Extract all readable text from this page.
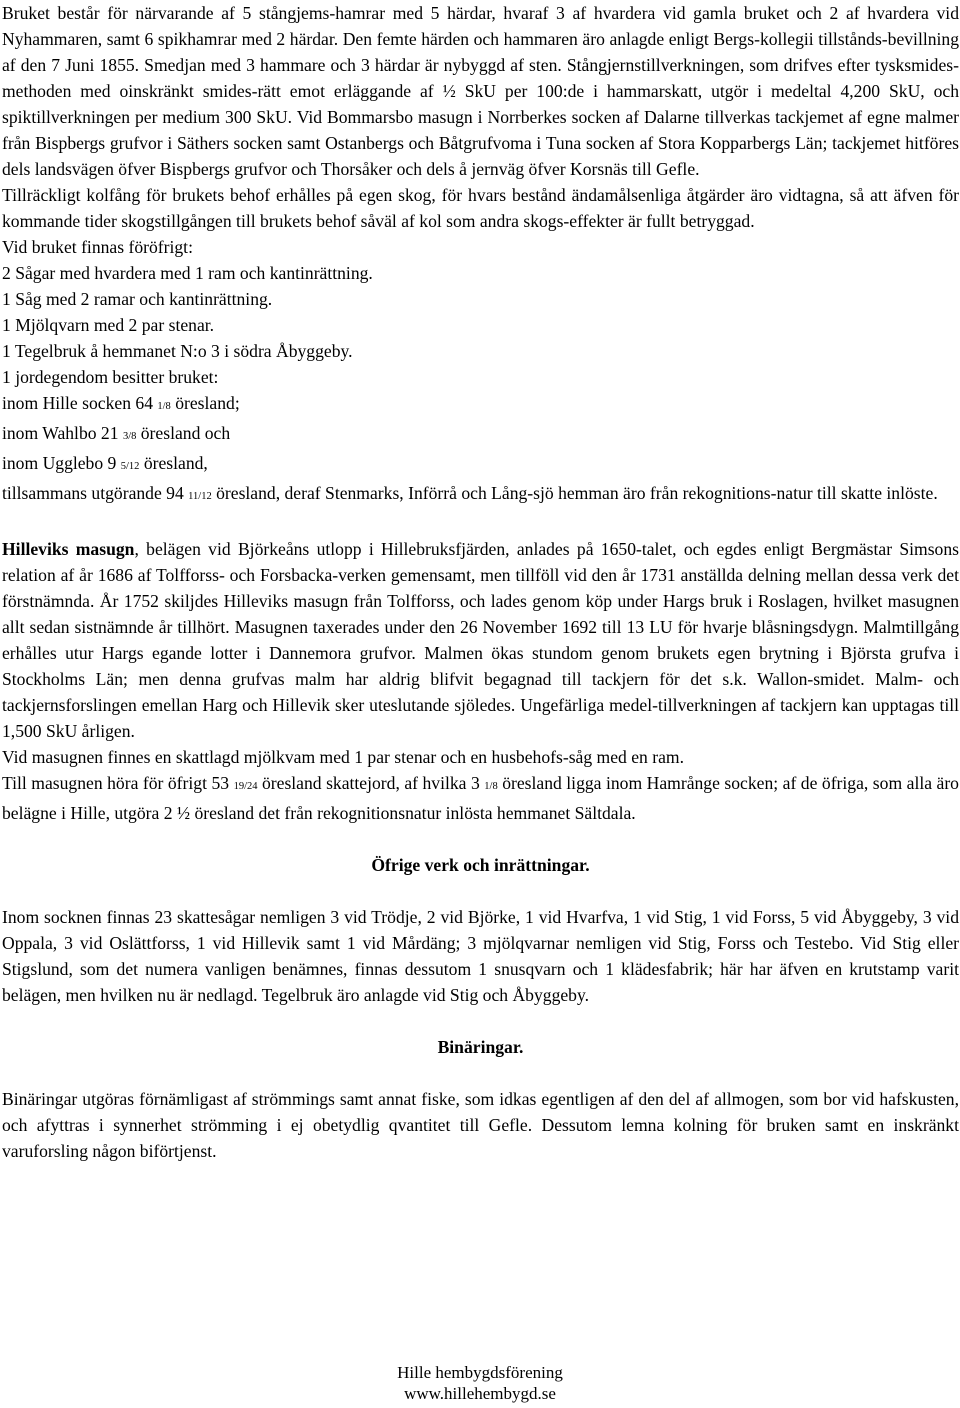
Bruket består för närvarande af 5 stångjems-hamrar med 5 härdar, hvaraf 3 af hvardera vid gamla bruket och 2 af hvardera vid Nyhammaren, samt 6 spikhamrar med 2 härdar. Den femte härden och hammaren äro anlagde enligt Bergs-kollegii tillstånds-bevillning af den 7 Juni 1855. Smedjan med 3 hammare och 3 härdar är nybyggd af sten. Stångjernstillverkningen, som drifves efter tysksmides-methoden med oinskränkt smides-rätt emot erläggande af ½ SkU per 100:de i hammarskatt, utgör i medeltal 4,200 SkU, och spiktillverkningen per medium 300 SkU. Vid Bommarsbo masugn i Norrberkes socken af Dalarne tillverkas tackjemet af egne malmer från Bispbergs grufvor i Säthers socken samt Ostanbergs och Båtgrufvoma i Tuna socken af Stora Kopparbergs Län; tackjemet hitföres dels landsvägen öfver Bispbergs grufvor och Thorsåker och dels å jernväg öfver Korsnäs till Gefle.

Tillräckligt kolfång för brukets behof erhålles på egen skog, för hvars bestånd ändamålsenliga åtgärder äro vidtagna, så att äfven för kommande tider skogstillgången till brukets behof såväl af kol som andra skogs-effekter är fullt betryggad.

Vid bruket finnas föröfrigt:
2 Sågar med hvardera med 1 ram och kantinrättning.
1 Såg med 2 ramar och kantinrättning.
1 Mjölqvarn med 2 par stenar.
1 Tegelbruk å hemmanet N:o 3 i södra Åbyggeby.
1 jordegendom besitter bruket:
inom Hille socken 64 1/8 öresland;
inom Wahlbo 21 3/8 öresland och
inom Ugglebo 9 5/12 öresland,

tillsammans utgörande 94 11/12 öresland, deraf Stenmarks, Införrå och Lång-sjö hemman äro från rekognitions-natur till skatte inlöste.

Hilleviks masugn, belägen vid Björkeåns utlopp i Hillebruksfjärden, anlades på 1650-talet, och egdes enligt Bergmästar Simsons relation af år 1686 af Tolfforss- och Forsbacka-verken gemensamt, men tillföll vid den år 1731 anställda delning mellan dessa verk det förstnämnda. År 1752 skiljdes Hilleviks masugn från Tolfforss, och lades genom köp under Hargs bruk i Roslagen, hvilket masugnen allt sedan sistnämnde år tillhört. Masugnen taxerades under den 26 November 1692 till 13 LU för hvarje blåsningsdygn. Malmtillgång erhålles utur Hargs egande lotter i Dannemora grufvor. Malmen ökas stundom genom brukets egen brytning i Björsta grufva i Stockholms Län; men denna grufvas malm har aldrig blifvit begagnad till tackjern för det s.k. Wallon-smidet. Malm- och tackjernsforslingen emellan Harg och Hillevik sker uteslutande sjöledes. Ungefärliga medel-tillverkningen af tackjern kan upptagas till 1,500 SkU årligen.

Vid masugnen finnes en skattlagd mjölkvam med 1 par stenar och en husbehofs-såg med en ram.

Till masugnen höra för öfrigt 53 19/24 öresland skattejord, af hvilka 3 1/8 öresland ligga inom Hamrånge socken; af de öfriga, som alla äro belägne i Hille, utgöra 2 ½ öresland det från rekognitionsnatur inlösta hemmanet Sältdala.

Öfrige verk och inrättningar.

Inom socknen finnas 23 skattesågar nemligen 3 vid Trödje, 2 vid Björke, 1 vid Hvarfva, 1 vid Stig, 1 vid Forss, 5 vid Åbyggeby, 3 vid Oppala, 3 vid Oslättforss, 1 vid Hillevik samt 1 vid Mårdäng; 3 mjölqvarnar nemligen vid Stig, Forss och Testebo. Vid Stig eller Stigslund, som det numera vanligen benämnes, finnas dessutom 1 snusqvarn och 1 klädesfabrik; här har äfven en krutstamp varit belägen, men hvilken nu är nedlagd. Tegelbruk äro anlagde vid Stig och Åbyggeby.

Binäringar.

Binäringar utgöras förnämligast af strömmings samt annat fiske, som idkas egentligen af den del af allmogen, som bor vid hafskusten, och afyttras i synnerhet strömming i ej obetydlig qvantitet till Gefle. Dessutom lemna kolning för bruken samt en inskränkt varuforsling någon biförtjenst.

Hille hembygdsförening
www.hillehembygd.se
